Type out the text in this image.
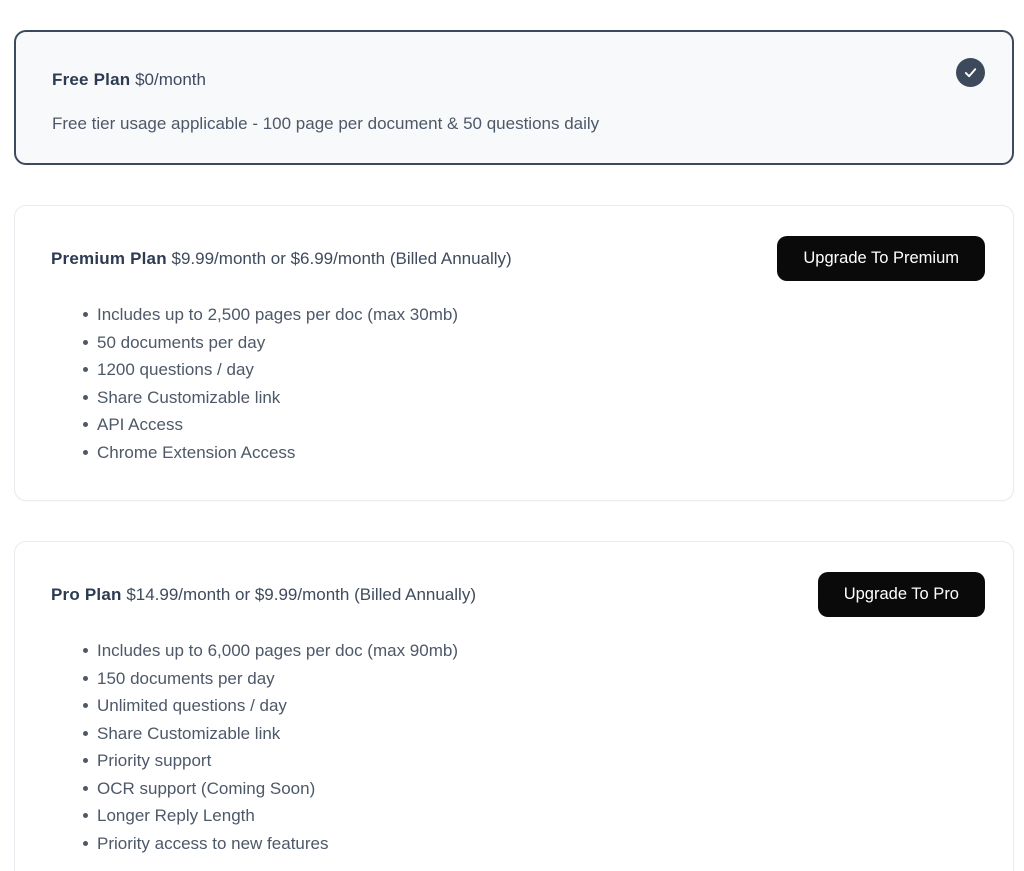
Free Plan $0/month
Free tier usage applicable - 100 page per document & 50 questions daily
Premium Plan $9.99/month or $6.99/month (Billed Annually)	Upgrade To Premium
Includes up to 2,500 pages per doc (max 30mb)
50 documents per day
1200 questions / day
Share Customizable link
API Access
Chrome Extension Access
Pro Plan $14.99/month or $9.99/month (Billed Annually)	Upgrade To Pro
Includes up to 6,000 pages per doc (max 90mb)
150 documents per day
Unlimited questions / day
Share Customizable link
Priority support
OCR support (Coming Soon)
Longer Reply Length
Priority access to new features
